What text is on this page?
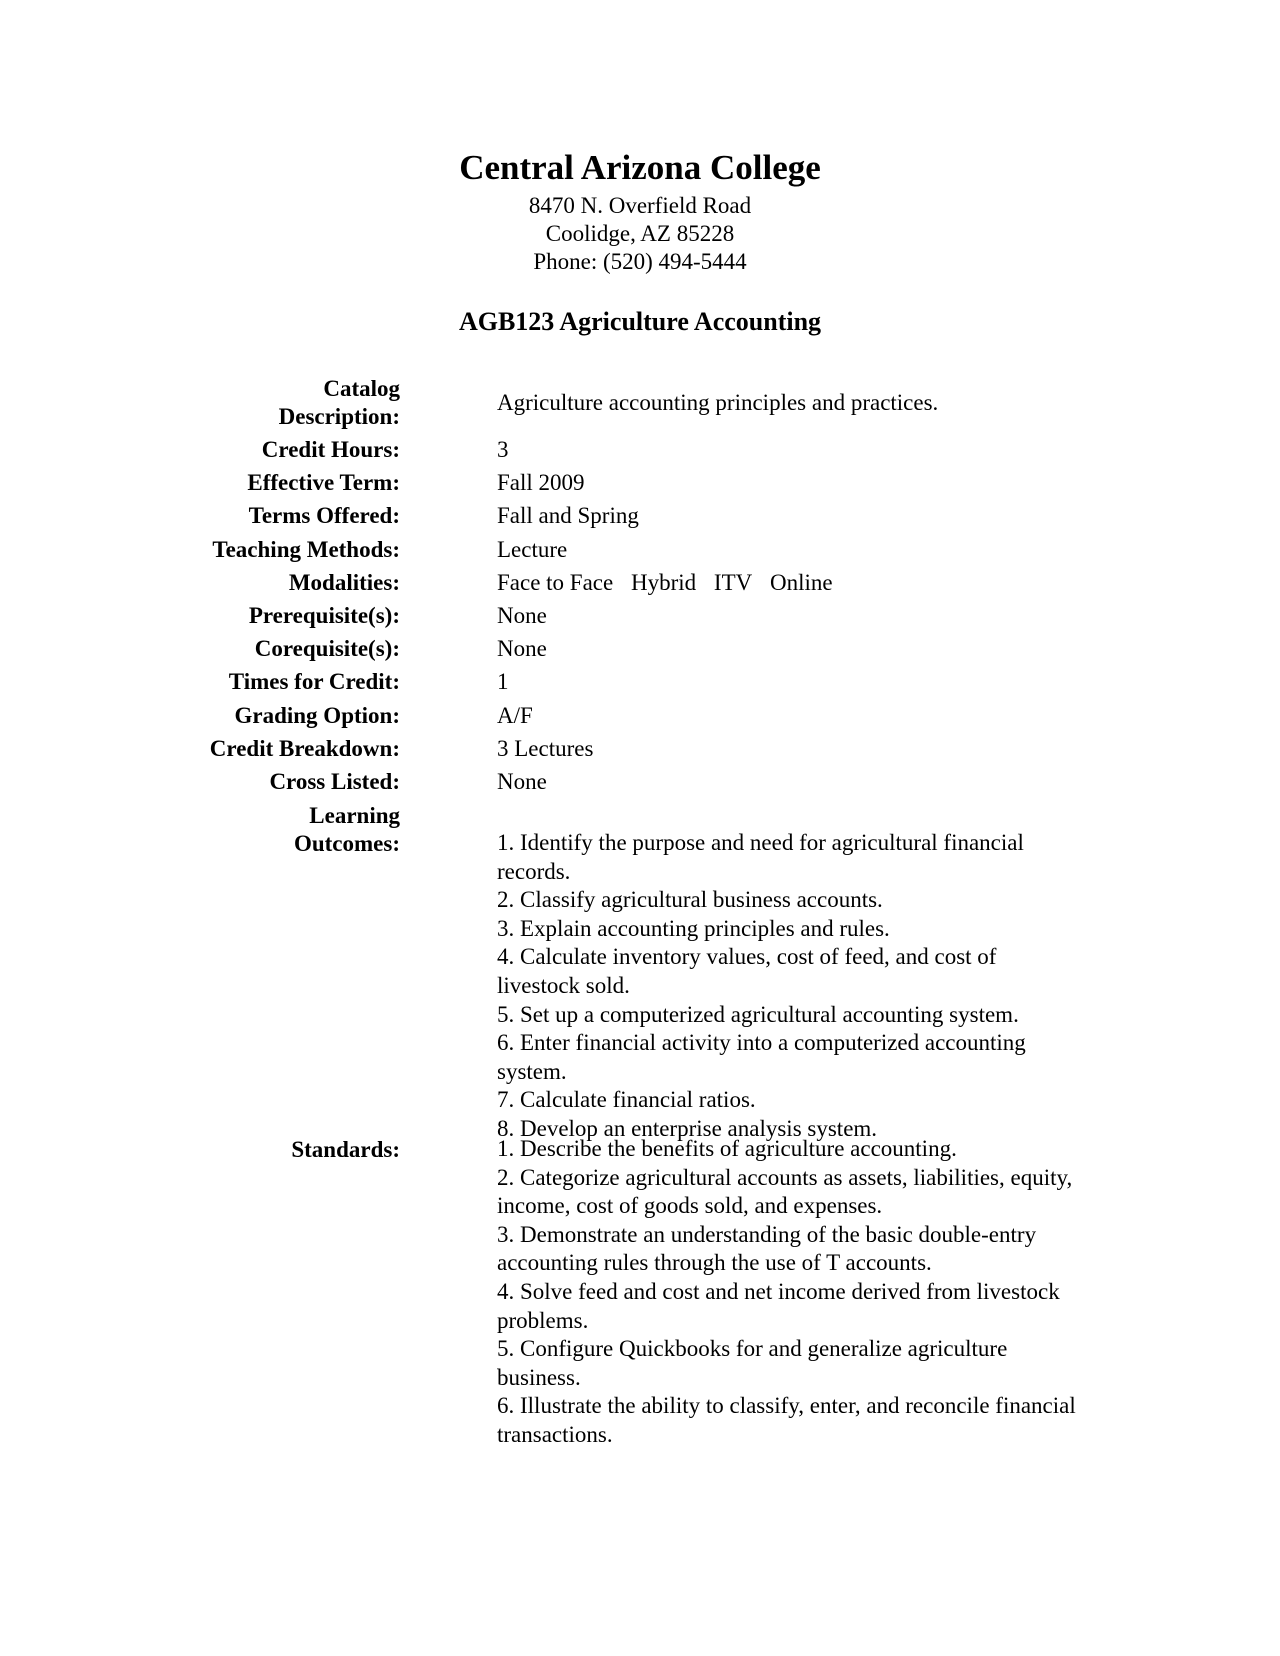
Central Arizona College
8470 N. Overfield Road
Coolidge, AZ 85228
Phone: (520) 494-5444
AGB123 Agriculture Accounting
Catalog
Description:
Agriculture accounting principles and practices.
Credit Hours:	3
Effective Term:	Fall 2009
Terms Offered:	Fall and Spring
Teaching Methods:	Lecture
Modalities:	Face to Face Hybrid ITV Online
Prerequisite(s):	None
Corequisite(s):	None
Times for Credit:	1
Grading Option:	A/F
Credit Breakdown:	3 Lectures
Cross Listed:	None
Learning
Outcomes:	1. Identify the purpose and need for agricultural financial records.
2. Classify agricultural business accounts.
3. Explain accounting principles and rules.
4. Calculate inventory values, cost of feed, and cost of livestock sold.
5. Set up a computerized agricultural accounting system.
6. Enter financial activity into a computerized accounting system.
7. Calculate financial ratios.
8. Develop an enterprise analysis system.
Standards:	1. Describe the benefits of agriculture accounting.
2. Categorize agricultural accounts as assets, liabilities, equity, income, cost of goods sold, and expenses.
3. Demonstrate an understanding of the basic double-entry accounting rules through the use of T accounts.
4. Solve feed and cost and net income derived from livestock problems.
5. Configure Quickbooks for and generalize agriculture business.
6. Illustrate the ability to classify, enter, and reconcile financial transactions.
